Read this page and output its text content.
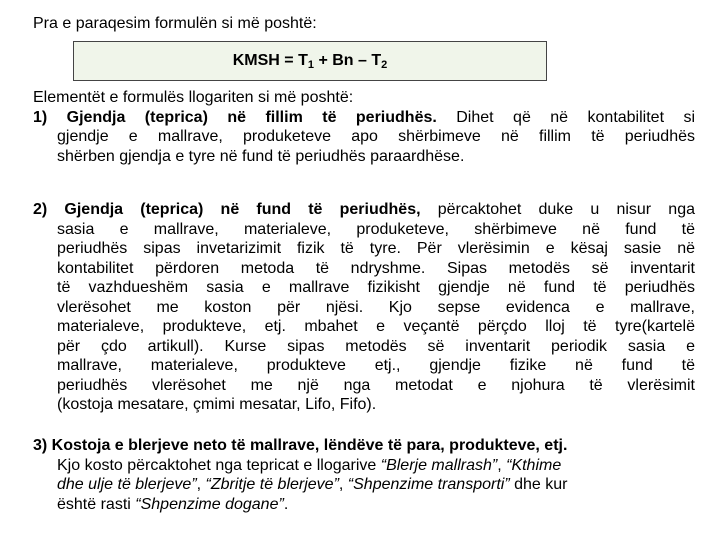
Pra e paraqesim formulën si më poshtë:
KMSH = $T_1 + Bn - T_2$
Elementët e formulës llogariten si më poshtë:
1) Gjendja (teprica) në fillim të periudhës. Dihet që në kontabilitet si
gjendje e mallrave, produketeve apo shërbimeve në fillim të periudhës
shërben gjendja e tyre në fund të periudhës paraardhëse.
2) Gjendja (teprica) në fund të periudhës, përcaktohet duke u nisur nga
sasia e mallrave, materialeve, produketeve, shërbimeve në fund të
periudhës sipas invetarizimit fizik të tyre. Për vlerësimin e kësaj sasie në
kontabilitet përdoren metoda të ndryshme. Sipas metodës së inventarit
të vazhdueshëm sasia e mallrave fizikisht gjendje në fund të periudhës
vlerësohet me koston për njësi. Kjo sepse evidenca e mallrave,
materialeve, produkteve, etj. mbahet e veçantë përçdo lloj të tyre(kartelë
për çdo artikull). Kurse sipas metodës së inventarit periodik sasia e
mallrave, materialeve, produkteve etj., gjendje fizike në fund të
periudhës vlerësohet me një nga metodat e njohura të vlerësimit
(kostoja mesatare, çmimi mesatar, Lifo, Fifo).
3) Kostoja e blerjeve neto të mallrave, lëndëve të para, produkteve, etj.
Kjo kosto përcaktohet nga tepricat e llogarive “Blerje mallrash”, “Kthime
dhe ulje të blerjeve”, “Zbritje të blerjeve”, “Shpenzime transporti” dhe kur
është rasti “Shpenzime dogane”.
